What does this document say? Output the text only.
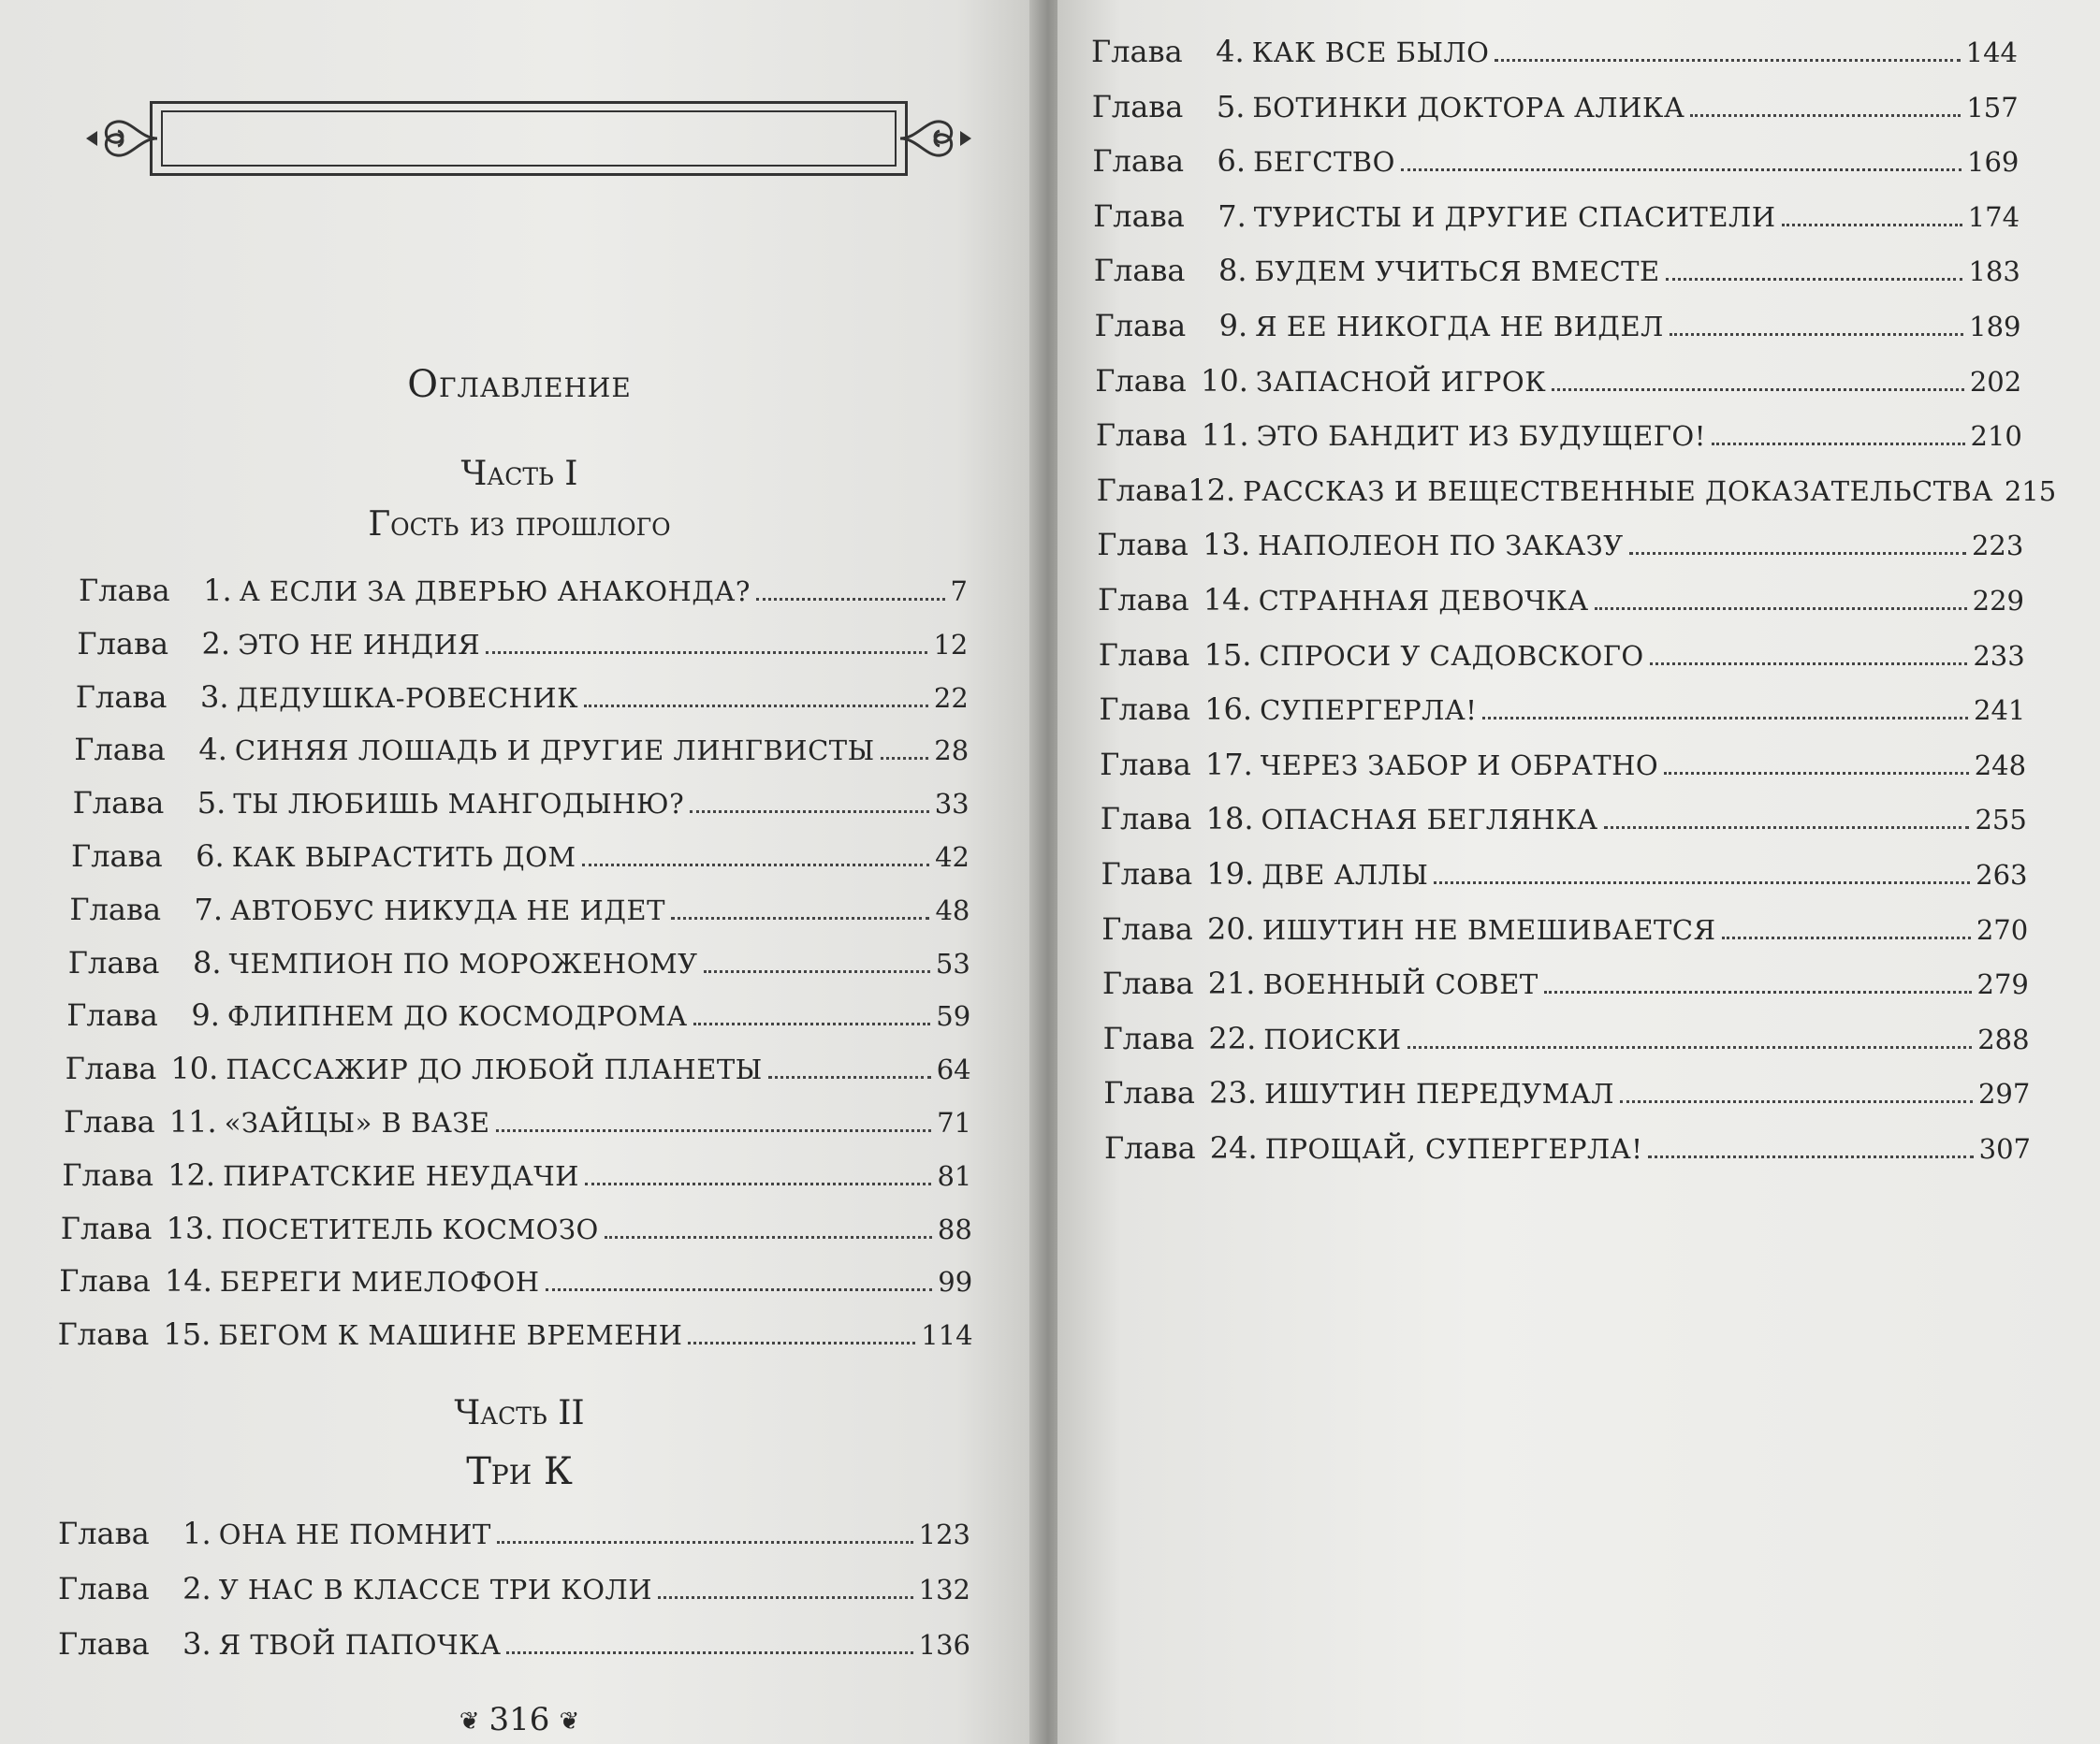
Оглавление
Часть I
Гость из прошлого
Глава	1. А ЕСЛИ ЗА ДВЕРЬЮ АНАКОНДА?	7
Глава	2. ЭТО НЕ ИНДИЯ	12
Глава	3. ДЕДУШКА-РОВЕСНИК	22
Глава	4. СИНЯЯ ЛОШАДЬ И ДРУГИЕ ЛИНГВИСТЫ 28
Глава	5. ТЫ ЛЮБИШЬ МАНГОДЫНЮ?	33
Глава	6. КАК ВЫРАСТИТЬ ДОМ	42
Глава	7. АВТОБУС НИКУДА НЕ ИДЕТ	48
Глава	8. ЧЕМПИОН ПО МОРОЖЕНОМУ	53
Глава	9. ФЛИПНЕМ ДО КОСМОДРОМА	59
Глава 10. ПАССАЖИР ДО ЛЮБОЙ ПЛАНЕТЫ	64
Глава 11. «ЗАЙЦЫ» В ВАЗЕ	71
Глава 12. ПИРАТСКИЕ НЕУДАЧИ	81
Глава 13. ПОСЕТИТЕЛЬ КОСМОЗО	88
Глава 14. БЕРЕГИ МИЕЛОФОН	99
Глава 15. БЕГОМ К МАШИНЕ ВРЕМЕНИ	114
Часть II
Три К
Глава	1. ОНА НЕ ПОМНИТ	123
Глава	2. У НАС В КЛАССЕ ТРИ КОЛИ	132
Глава	3. Я ТВОЙ ПАПОЧКА	136
❦ 316 ❦
Глава	4. КАК ВСЕ БЫЛО	144
Глава	5. БОТИНКИ ДОКТОРА АЛИКА	157
Глава	6. БЕГСТВО	169
Глава	7. ТУРИСТЫ И ДРУГИЕ СПАСИТЕЛИ	174
Глава	8. БУДЕМ УЧИТЬСЯ ВМЕСТЕ	183
Глава	9. Я ЕЕ НИКОГДА НЕ ВИДЕЛ	189
Глава 10. ЗАПАСНОЙ ИГРОК	202
Глава 11. ЭТО БАНДИТ ИЗ БУДУЩЕГО!	210
Глава 12. РАССКАЗ И ВЕЩЕСТВЕННЫЕ ДОКАЗАТЕЛЬСТВА 215
Глава 13. НАПОЛЕОН ПО ЗАКАЗУ	223
Глава 14. СТРАННАЯ ДЕВОЧКА	229
Глава 15. СПРОСИ У САДОВСКОГО	233
Глава 16. СУПЕРГЕРЛА!	241
Глава 17. ЧЕРЕЗ ЗАБОР И ОБРАТНО	248
Глава 18. ОПАСНАЯ БЕГЛЯНКА	255
Глава 19. ДВЕ АЛЛЫ	263
Глава 20. ИШУТИН НЕ ВМЕШИВАЕТСЯ	270
Глава 21. ВОЕННЫЙ СОВЕТ	279
Глава 22. ПОИСКИ	288
Глава 23. ИШУТИН ПЕРЕДУМАЛ	297
Глава 24. ПРОЩАЙ, СУПЕРГЕРЛА!	307
